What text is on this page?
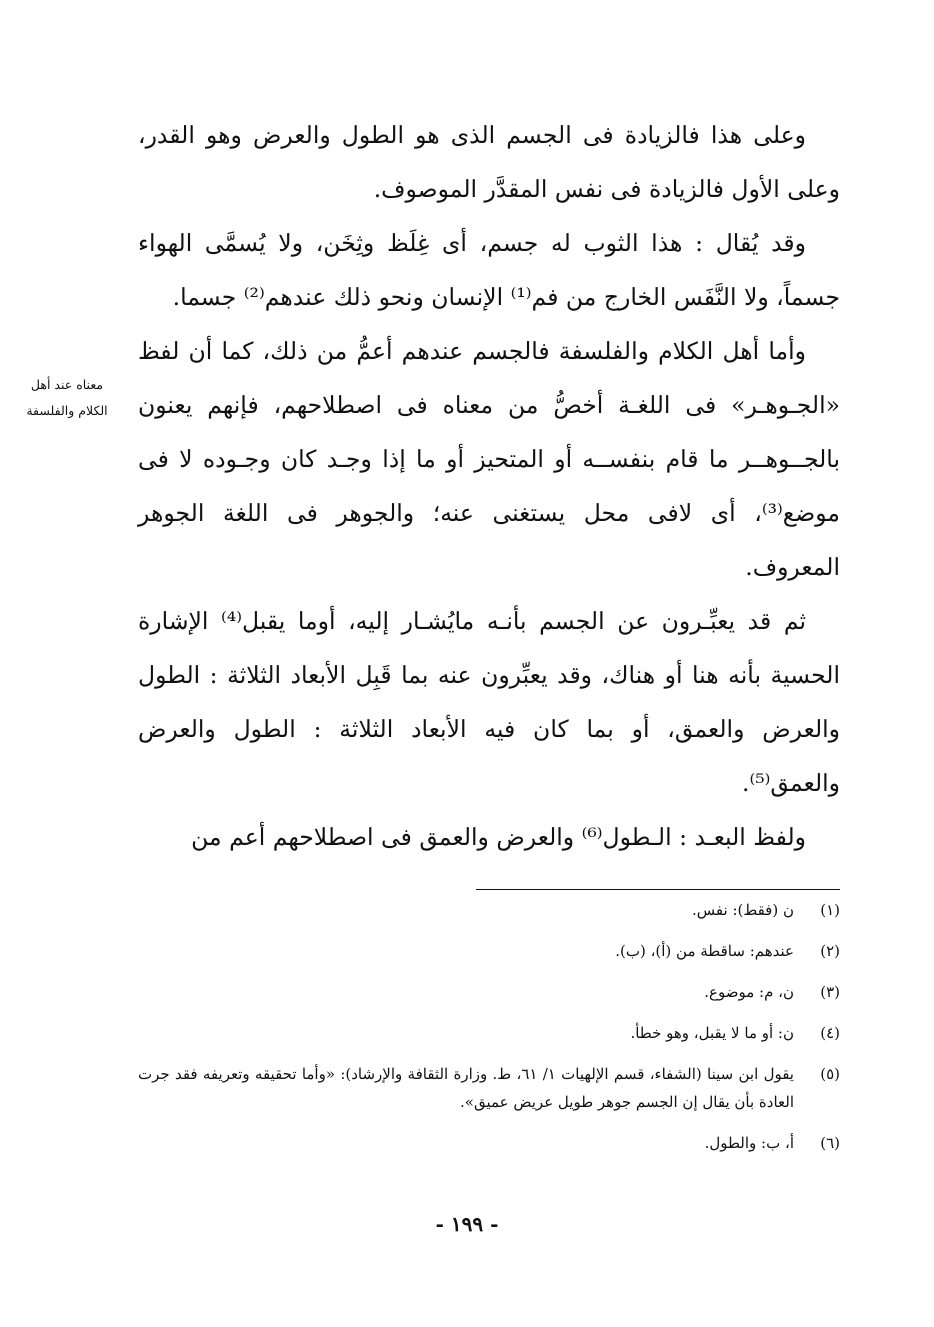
وعلى هذا فالزيادة فى الجسم الذى هو الطول والعرض وهو القدر، وعلى الأول فالزيادة فى نفس المقدَّر الموصوف.

وقد يُقال : هذا الثوب له جسم، أى غِلَظ وثِخَن، ولا يُسمَّى الهواء جسماً، ولا النَّفَس الخارج من فم⁽¹⁾ الإنسان ونحو ذلك عندهم⁽²⁾ جسما.

وأما أهل الكلام والفلسفة فالجسم عندهم أعمُّ من ذلك، كما أن لفظ «الجـوهـر» فى اللغـة أخصُّ من معناه فى اصطلاحهم، فإنهم يعنون بالجــوهــر ما قام بنفســه أو المتحيز أو ما إذا وجـد كان وجـوده لا فى موضع⁽³⁾، أى لافى محل يستغنى عنه؛ والجوهر فى اللغة الجوهر المعروف.

ثم قد يعبِّـرون عن الجسم بأنـه مايُشـار إليه، أوما يقبل⁽⁴⁾ الإشارة الحسية بأنه هنا أو هناك، وقد يعبِّرون عنه بما قَبِل الأبعاد الثلاثة : الطول والعرض والعمق، أو بما كان فيه الأبعاد الثلاثة : الطول والعرض والعمق⁽⁵⁾.

ولفظ البعـد : الـطول⁽⁶⁾ والعرض والعمق فى اصطلاحهم أعم من

معناه عند أهل
الكلام والفلسفة
(١)
ن (فقط): نفس.
(٢)
عندهم: ساقطة من (أ)، (ب).
(٣)
ن، م: موضوع.
(٤)
ن: أو ما لا يقبل، وهو خطأ.
(٥)
يقول ابن سينا (الشفاء، قسم الإلهيات ١/ ٦١، ط. وزارة الثقافة والإرشاد): «وأما تحقيقه وتعريفه فقد جرت العادة بأن يقال إن الجسم جوهر طويل عريض عميق».
(٦)
أ، ب: والطول.
- ١٩٩ -
